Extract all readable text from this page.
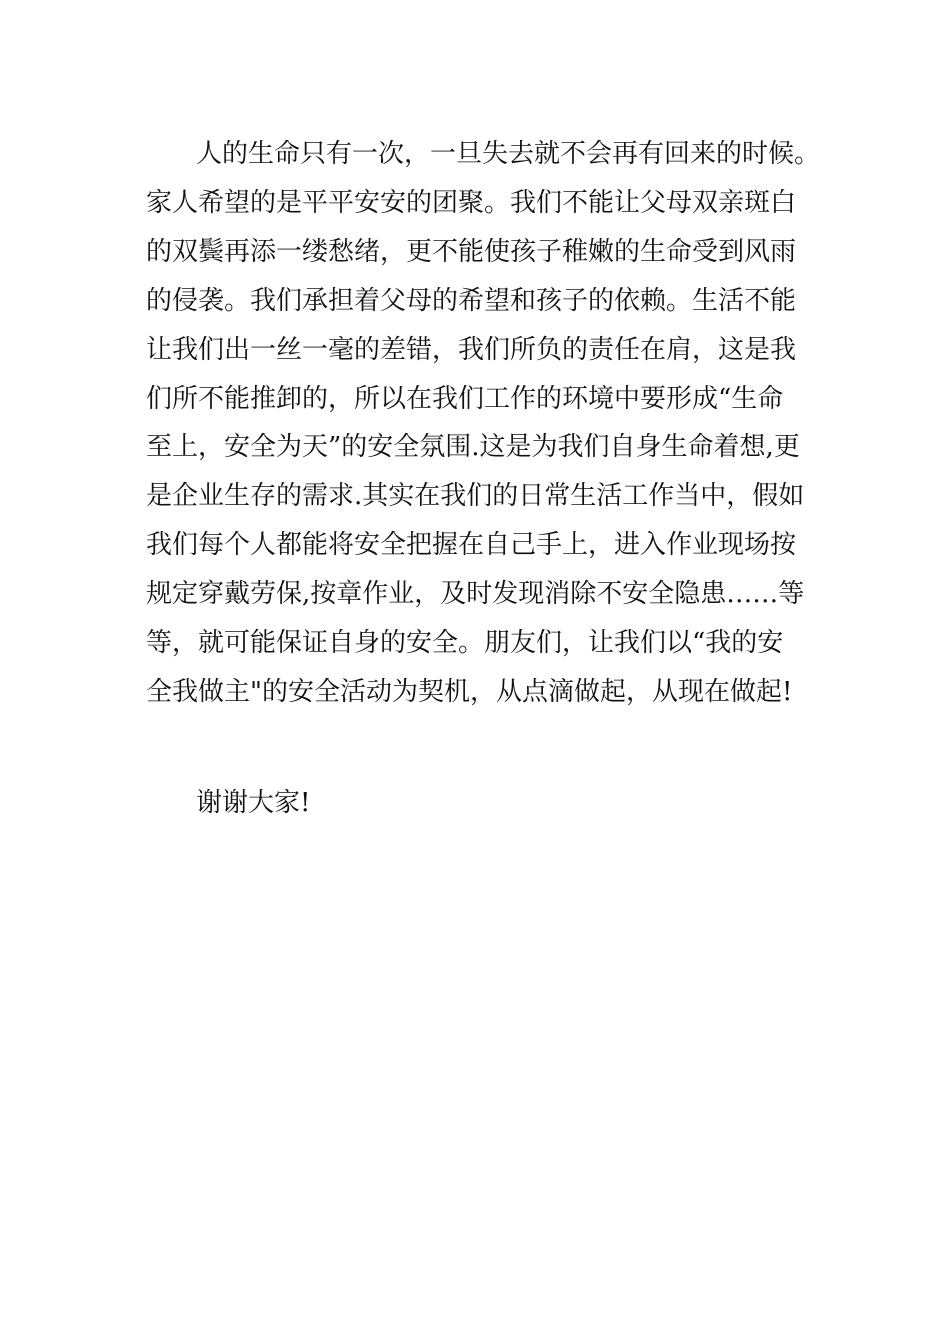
人的生命只有一次，一旦失去就不会再有回来的时候。
家人希望的是平平安安的团聚。我们不能让父母双亲斑白
的双鬓再添一缕愁绪，更不能使孩子稚嫩的生命受到风雨
的侵袭。我们承担着父母的希望和孩子的依赖。生活不能
让我们出一丝一毫的差错，我们所负的责任在肩，这是我
们所不能推卸的，所以在我们工作的环境中要形成“生命
至上，安全为天”的安全氛围.这是为我们自身生命着想,更
是企业生存的需求.其实在我们的日常生活工作当中，假如
我们每个人都能将安全把握在自己手上，进入作业现场按
规定穿戴劳保,按章作业，及时发现消除不安全隐患……等
等，就可能保证自身的安全。朋友们，让我们以“我的安
全我做主"的安全活动为契机，从点滴做起，从现在做起!
谢谢大家!
